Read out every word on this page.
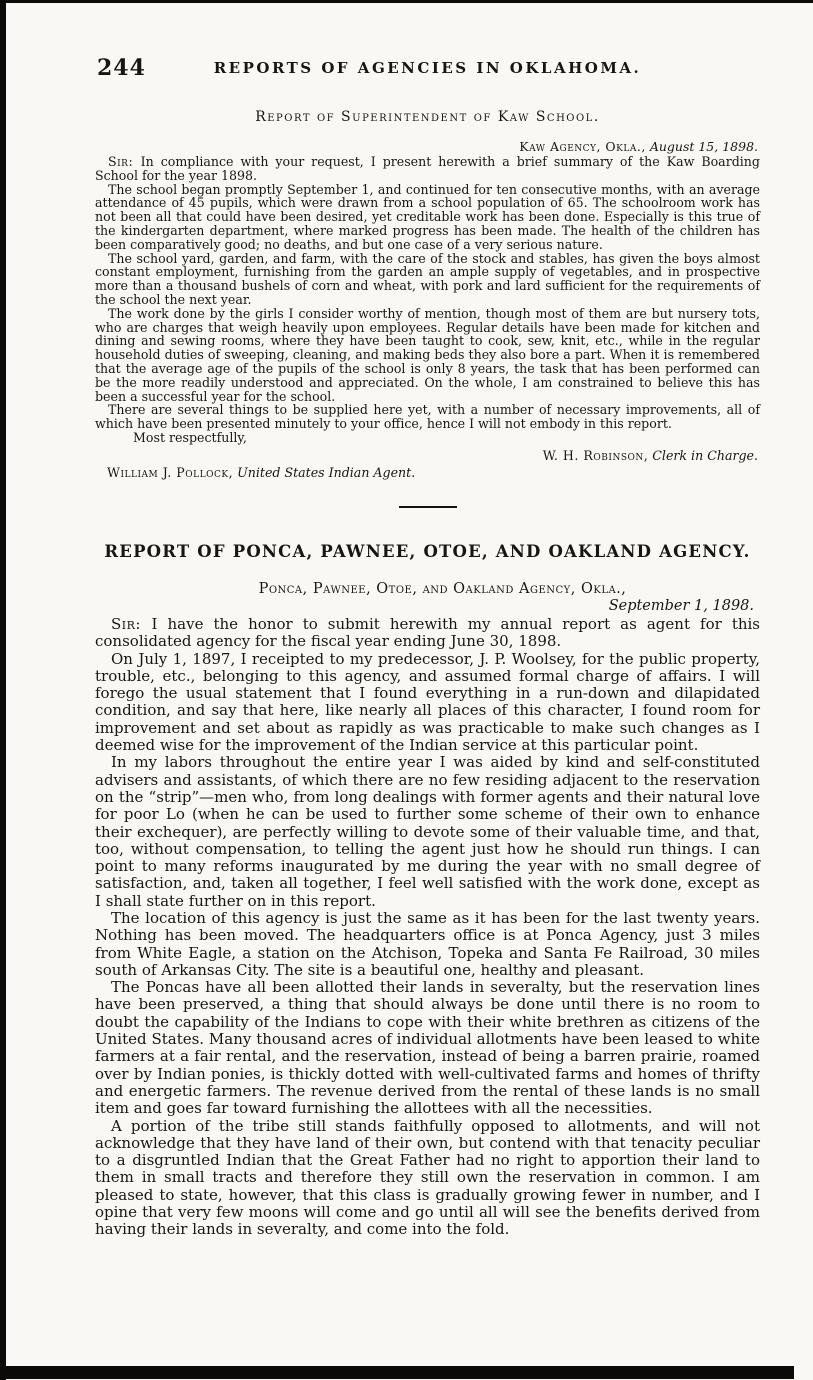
244	REPORTS OF AGENCIES IN OKLAHOMA.

Report of Superintendent of Kaw School.

Kaw Agency, Okla., August 15, 1898.

Sir: In compliance with your request, I present herewith a brief summary of the Kaw Boarding School for the year 1898.

The school began promptly September 1, and continued for ten consecutive months, with an average attendance of 45 pupils, which were drawn from a school population of 65. The schoolroom work has not been all that could have been desired, yet creditable work has been done. Especially is this true of the kindergarten department, where marked progress has been made. The health of the children has been comparatively good; no deaths, and but one case of a very serious nature.

The school yard, garden, and farm, with the care of the stock and stables, has given the boys almost constant employment, furnishing from the garden an ample supply of vegetables, and in prospective more than a thousand bushels of corn and wheat, with pork and lard sufficient for the requirements of the school the next year.

The work done by the girls I consider worthy of mention, though most of them are but nursery tots, who are charges that weigh heavily upon employees. Regular details have been made for kitchen and dining and sewing rooms, where they have been taught to cook, sew, knit, etc., while in the regular household duties of sweeping, cleaning, and making beds they also bore a part. When it is remembered that the average age of the pupils of the school is only 8 years, the task that has been performed can be the more readily understood and appreciated. On the whole, I am constrained to believe this has been a successful year for the school.

There are several things to be supplied here yet, with a number of necessary improvements, all of which have been presented minutely to your office, hence I will not embody in this report.

Most respectfully,

W. H. Robinson, Clerk in Charge.

William J. Pollock, United States Indian Agent.

REPORT OF PONCA, PAWNEE, OTOE, AND OAKLAND AGENCY.

Ponca, Pawnee, Otoe, and Oakland Agency, Okla.,

September 1, 1898.

Sir: I have the honor to submit herewith my annual report as agent for this consolidated agency for the fiscal year ending June 30, 1898.

On July 1, 1897, I receipted to my predecessor, J. P. Woolsey, for the public property, trouble, etc., belonging to this agency, and assumed formal charge of affairs. I will forego the usual statement that I found everything in a run-down and dilapidated condition, and say that here, like nearly all places of this character, I found room for improvement and set about as rapidly as was practicable to make such changes as I deemed wise for the improvement of the Indian service at this particular point.

In my labors throughout the entire year I was aided by kind and self-constituted advisers and assistants, of which there are no few residing adjacent to the reservation on the “strip”—men who, from long dealings with former agents and their natural love for poor Lo (when he can be used to further some scheme of their own to enhance their exchequer), are perfectly willing to devote some of their valuable time, and that, too, without compensation, to telling the agent just how he should run things. I can point to many reforms inaugurated by me during the year with no small degree of satisfaction, and, taken all together, I feel well satisfied with the work done, except as I shall state further on in this report.

The location of this agency is just the same as it has been for the last twenty years. Nothing has been moved. The headquarters office is at Ponca Agency, just 3 miles from White Eagle, a station on the Atchison, Topeka and Santa Fe Railroad, 30 miles south of Arkansas City. The site is a beautiful one, healthy and pleasant.

The Poncas have all been allotted their lands in severalty, but the reservation lines have been preserved, a thing that should always be done until there is no room to doubt the capability of the Indians to cope with their white brethren as citizens of the United States. Many thousand acres of individual allotments have been leased to white farmers at a fair rental, and the reservation, instead of being a barren prairie, roamed over by Indian ponies, is thickly dotted with well-cultivated farms and homes of thrifty and energetic farmers. The revenue derived from the rental of these lands is no small item and goes far toward furnishing the allottees with all the necessities.

A portion of the tribe still stands faithfully opposed to allotments, and will not acknowledge that they have land of their own, but contend with that tenacity peculiar to a disgruntled Indian that the Great Father had no right to apportion their land to them in small tracts and therefore they still own the reservation in common. I am pleased to state, however, that this class is gradually growing fewer in number, and I opine that very few moons will come and go until all will see the benefits derived from having their lands in severalty, and come into the fold.
